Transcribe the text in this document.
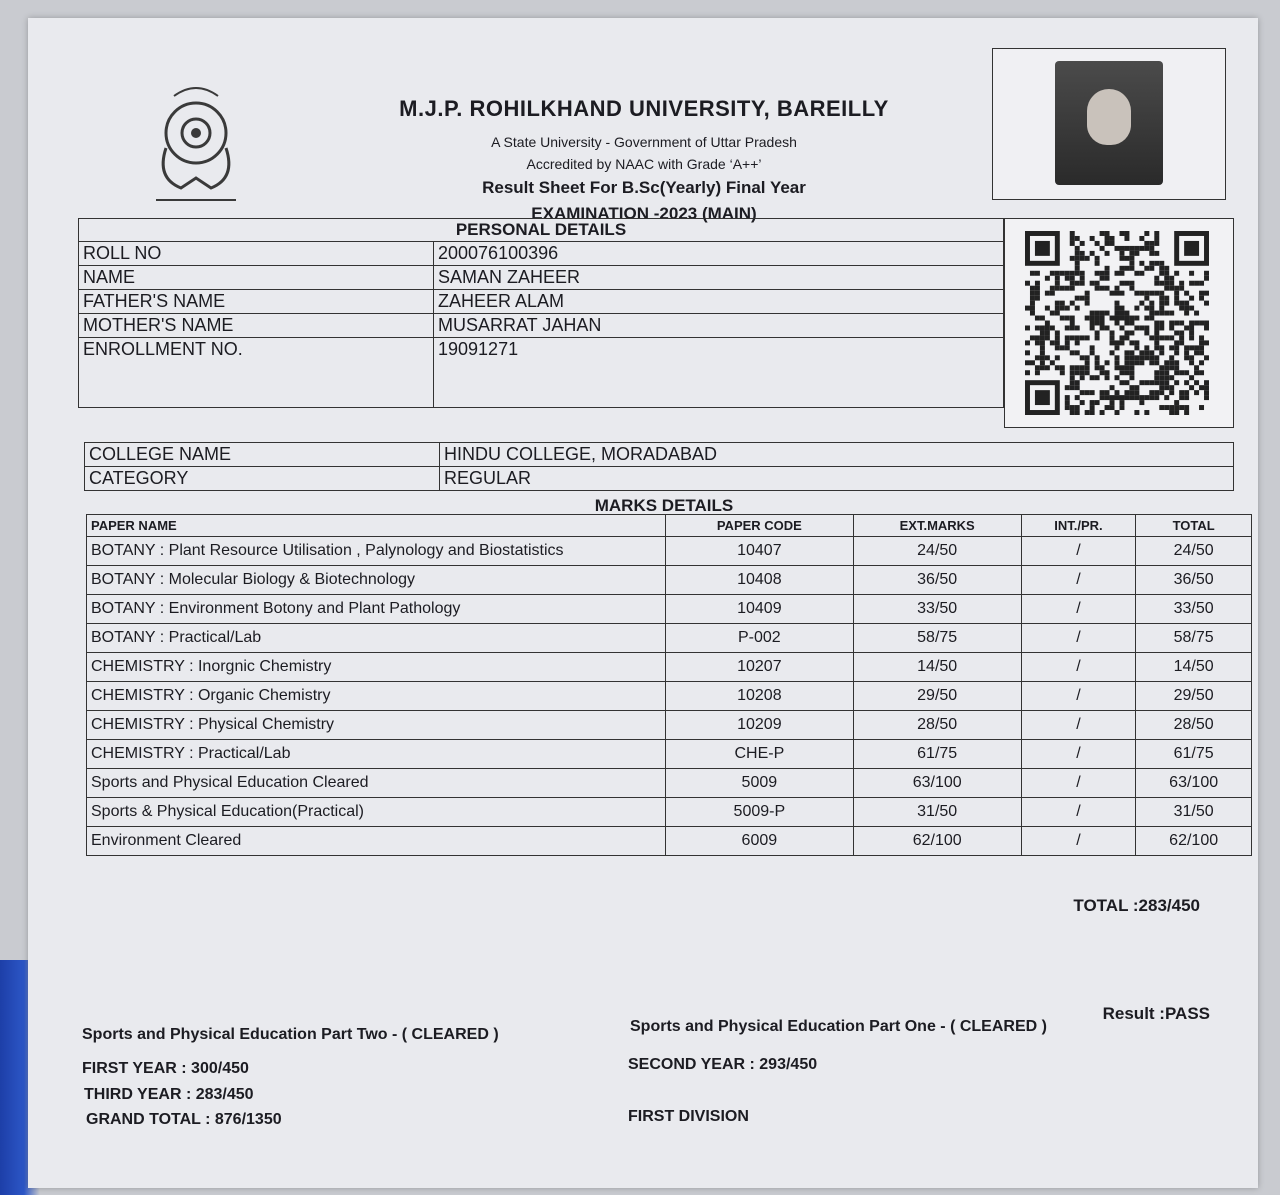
M.J.P. ROHILKHAND UNIVERSITY, BAREILLY
A State University - Government of Uttar Pradesh
Accredited by NAAC with Grade ‘A++’
Result Sheet For B.Sc(Yearly) Final Year
EXAMINATION -2023 (MAIN)
PERSONAL DETAILS	
ROLL NO	200076100396
NAME	SAMAN ZAHEER
FATHER'S NAME	ZAHEER ALAM
MOTHER'S NAME	MUSARRAT JAHAN
ENROLLMENT NO.	19091271
COLLEGE NAME	HINDU COLLEGE, MORADABAD
CATEGORY	REGULAR
MARKS DETAILS
PAPER NAME	PAPER CODE	EXT.MARKS	INT./PR.	TOTAL
BOTANY : Plant Resource Utilisation , Palynology and Biostatistics	10407	24/50	/	24/50
BOTANY : Molecular Biology & Biotechnology	10408	36/50	/	36/50
BOTANY : Environment Botony and Plant Pathology	10409	33/50	/	33/50
BOTANY : Practical/Lab	P-002	58/75	/	58/75
CHEMISTRY : Inorgnic Chemistry	10207	14/50	/	14/50
CHEMISTRY : Organic Chemistry	10208	29/50	/	29/50
CHEMISTRY : Physical Chemistry	10209	28/50	/	28/50
CHEMISTRY : Practical/Lab	CHE-P	61/75	/	61/75
Sports and Physical Education Cleared	5009	63/100	/	63/100
Sports & Physical Education(Practical)	5009-P	31/50	/	31/50
Environment Cleared	6009	62/100	/	62/100
TOTAL :283/450
Result :PASS
Sports and Physical Education Part Two - ( CLEARED )	Sports and Physical Education Part One - ( CLEARED )
FIRST YEAR : 300/450	SECOND YEAR : 293/450
THIRD YEAR : 283/450
GRAND TOTAL : 876/1350	FIRST DIVISION
